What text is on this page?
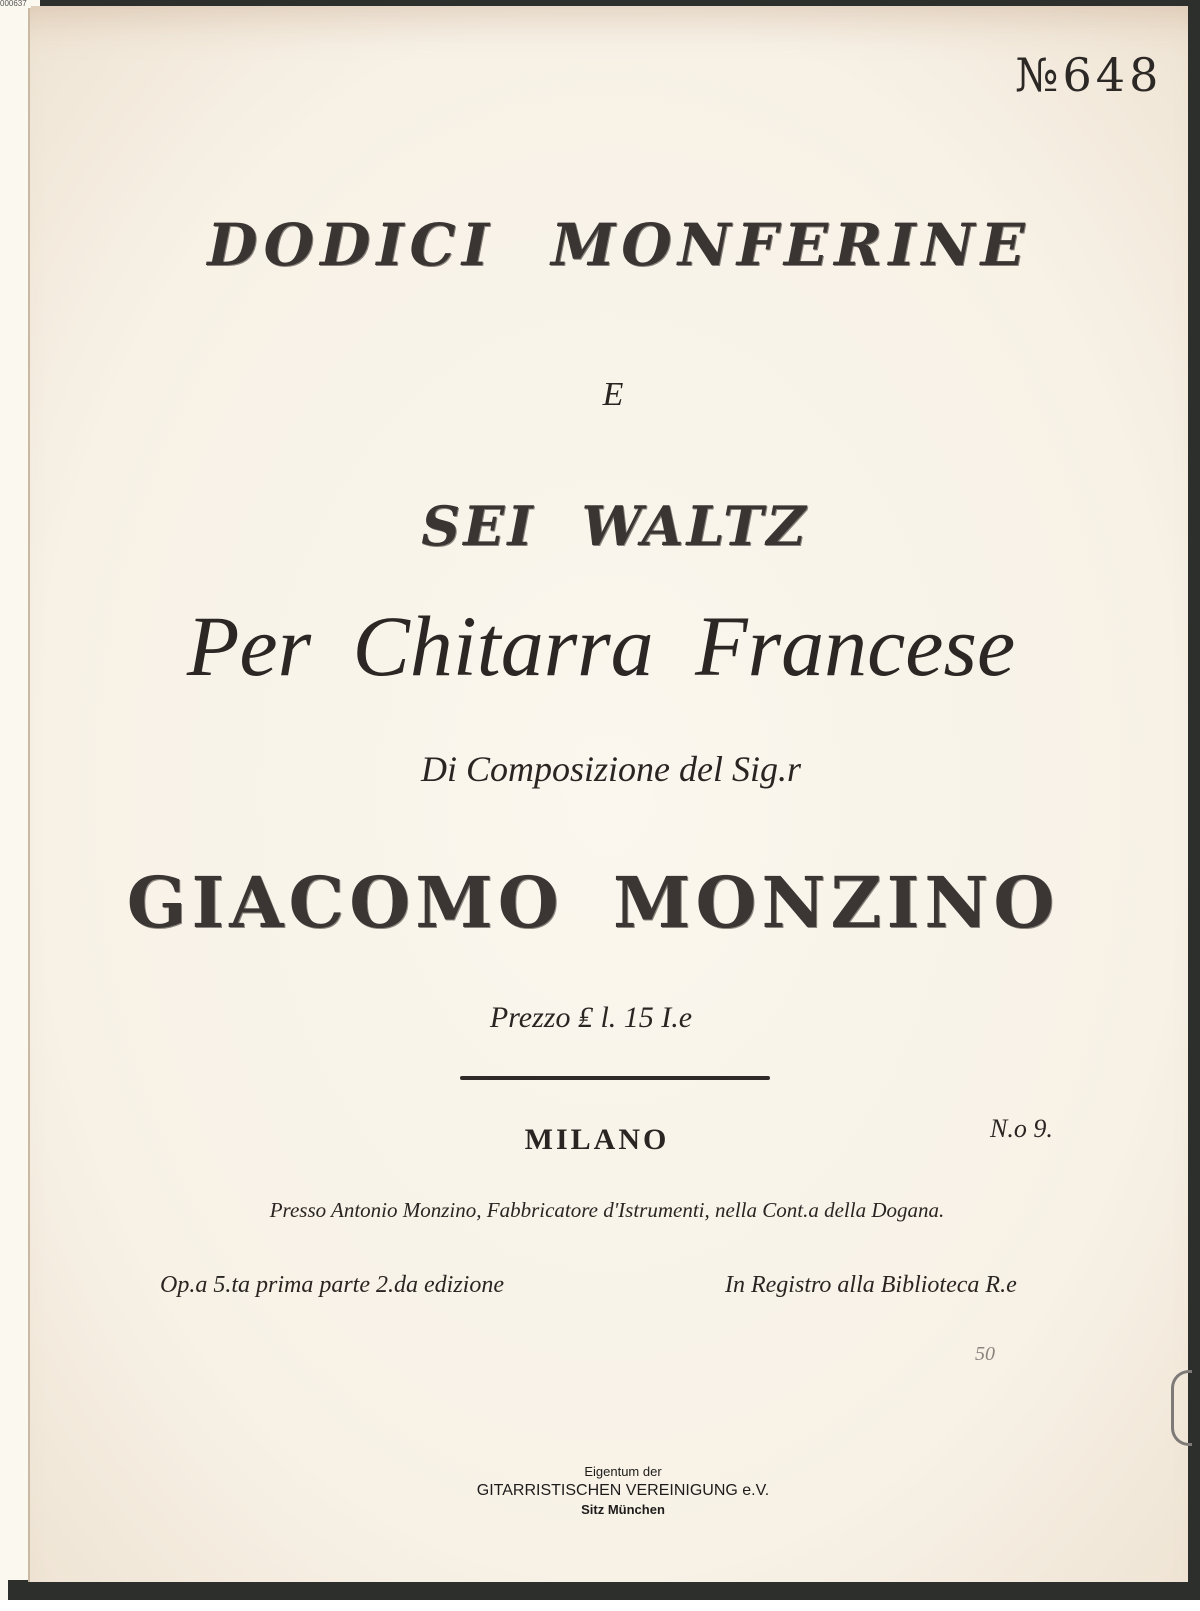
000637
№648
DODICI MONFERINE
E
SEI WALTZ
Per Chitarra Francese
Di Composizione del Sig.r
GIACOMO MONZINO
Prezzo ₤ l. 15 I.e
MILANO	N.o 9.
Presso Antonio Monzino, Fabbricatore d'Istrumenti, nella Cont.a della Dogana.
Op.a 5.ta prima parte 2.da edizione	In Registro alla Biblioteca R.e
50
Eigentum der
GITARRISTISCHEN VEREINIGUNG e.V.
Sitz München
